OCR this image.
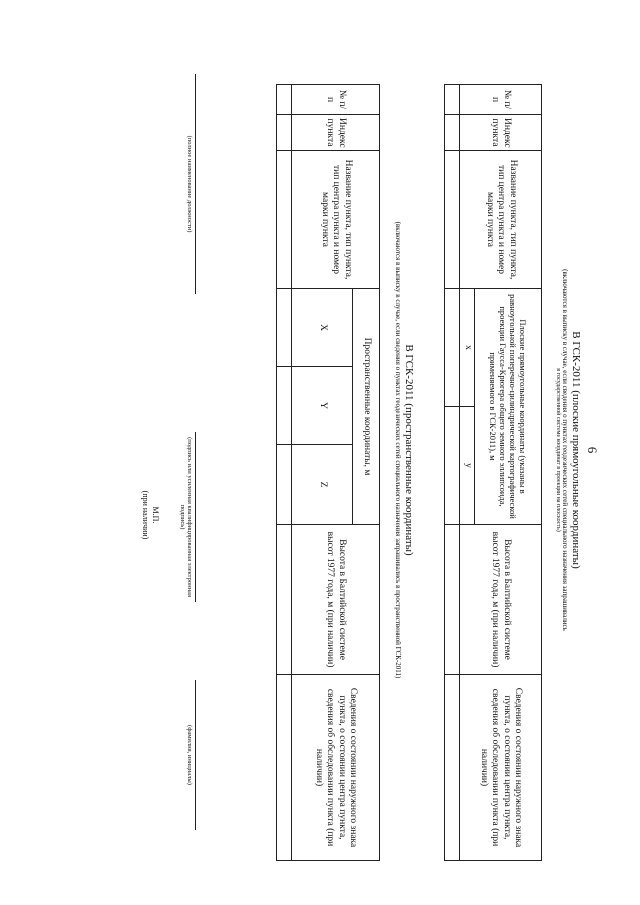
6
В ГСК-2011 (плоские прямоугольные координаты)
(включаются в выписку в случае, если сведения о пунктах геодезических сетей специального назначения запрашивались
в государственной системе координат в проекции на плоскость)
№ п/п	Индекс пункта	Название пункта, тип пункта, тип центра пункта и номер марки пункта	Плоские прямоугольные координаты (указаны в равноугольной поперечно-цилиндрической картографической проекции Гаусса-Крюгера общего земного эллипсоида, применяемого в ГСК-2011), м		Высота в Балтийской системе высот 1977 года, м (при наличии)	Сведения о состоянии наружного знака пункта, о состоянии центра пункта, сведения об обследовании пункта (при наличии)
			x	y		

В ГСК-2011 (пространственные координаты)
(включаются в выписку в случае, если сведения о пунктах геодезических сетей специального назначения запрашивались в пространственной ГСК-2011)
№ п/п	Индекс пункта	Название пункта, тип пункта, тип центра пункта и номер марки пункта	Пространственные координаты, м			Высота в Балтийской системе высот 1977 года, м (при наличии)	Сведения о состоянии наружного знака пункта, о состоянии центра пункта, сведения об обследовании пункта (при наличии)
			X	Y	Z		

(полное наименование должности)
(подпись или усиленная квалифицированная электронная подпись)
(фамилия, инициалы)
М.П.
(при наличии)
